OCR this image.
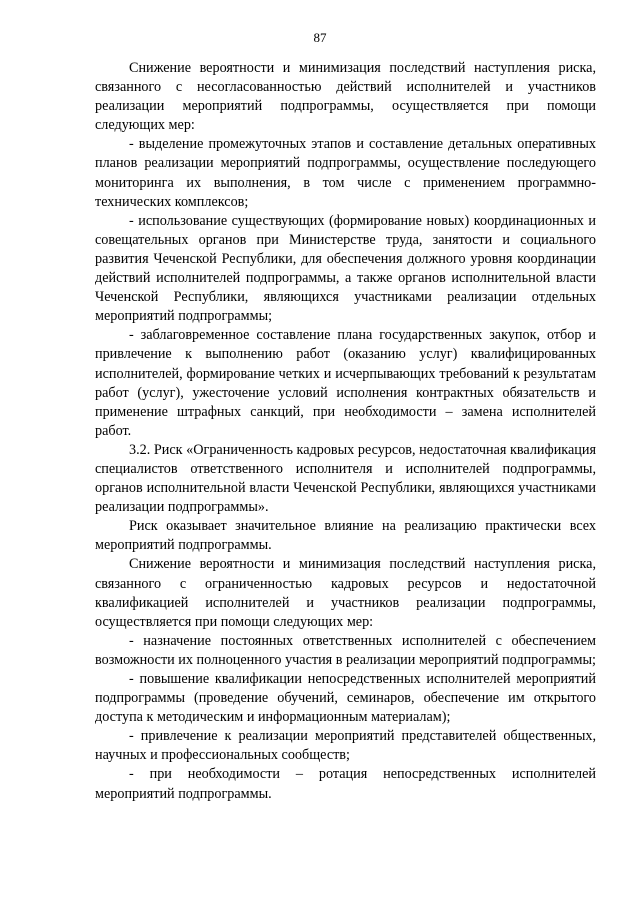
87

Снижение вероятности и минимизация последствий наступления риска, связанного с несогласованностью действий исполнителей и участников реализации мероприятий подпрограммы, осуществляется при помощи следующих мер:

- выделение промежуточных этапов и составление детальных оперативных планов реализации мероприятий подпрограммы, осуществление последующего мониторинга их выполнения, в том числе с применением программно-технических комплексов;

- использование существующих (формирование новых) координационных и совещательных органов при Министерстве труда, занятости и социального развития Чеченской Республики, для обеспечения должного уровня координации действий исполнителей подпрограммы, а также органов исполнительной власти Чеченской Республики, являющихся участниками реализации отдельных мероприятий подпрограммы;

- заблаговременное составление плана государственных закупок, отбор и привлечение к выполнению работ (оказанию услуг) квалифицированных исполнителей, формирование четких и исчерпывающих требований к результатам работ (услуг), ужесточение условий исполнения контрактных обязательств и применение штрафных санкций, при необходимости – замена исполнителей работ.

3.2. Риск «Ограниченность кадровых ресурсов, недостаточная квалификация специалистов ответственного исполнителя и исполнителей подпрограммы, органов исполнительной власти Чеченской Республики, являющихся участниками реализации подпрограммы».

Риск оказывает значительное влияние на реализацию практически всех мероприятий подпрограммы.

Снижение вероятности и минимизация последствий наступления риска, связанного с ограниченностью кадровых ресурсов и недостаточной квалификацией исполнителей и участников реализации подпрограммы, осуществляется при помощи следующих мер:

- назначение постоянных ответственных исполнителей с обеспечением возможности их полноценного участия в реализации мероприятий подпрограммы;

- повышение квалификации непосредственных исполнителей мероприятий подпрограммы (проведение обучений, семинаров, обеспечение им открытого доступа к методическим и информационным материалам);

- привлечение к реализации мероприятий представителей общественных, научных и профессиональных сообществ;

- при необходимости – ротация непосредственных исполнителей мероприятий подпрограммы.
